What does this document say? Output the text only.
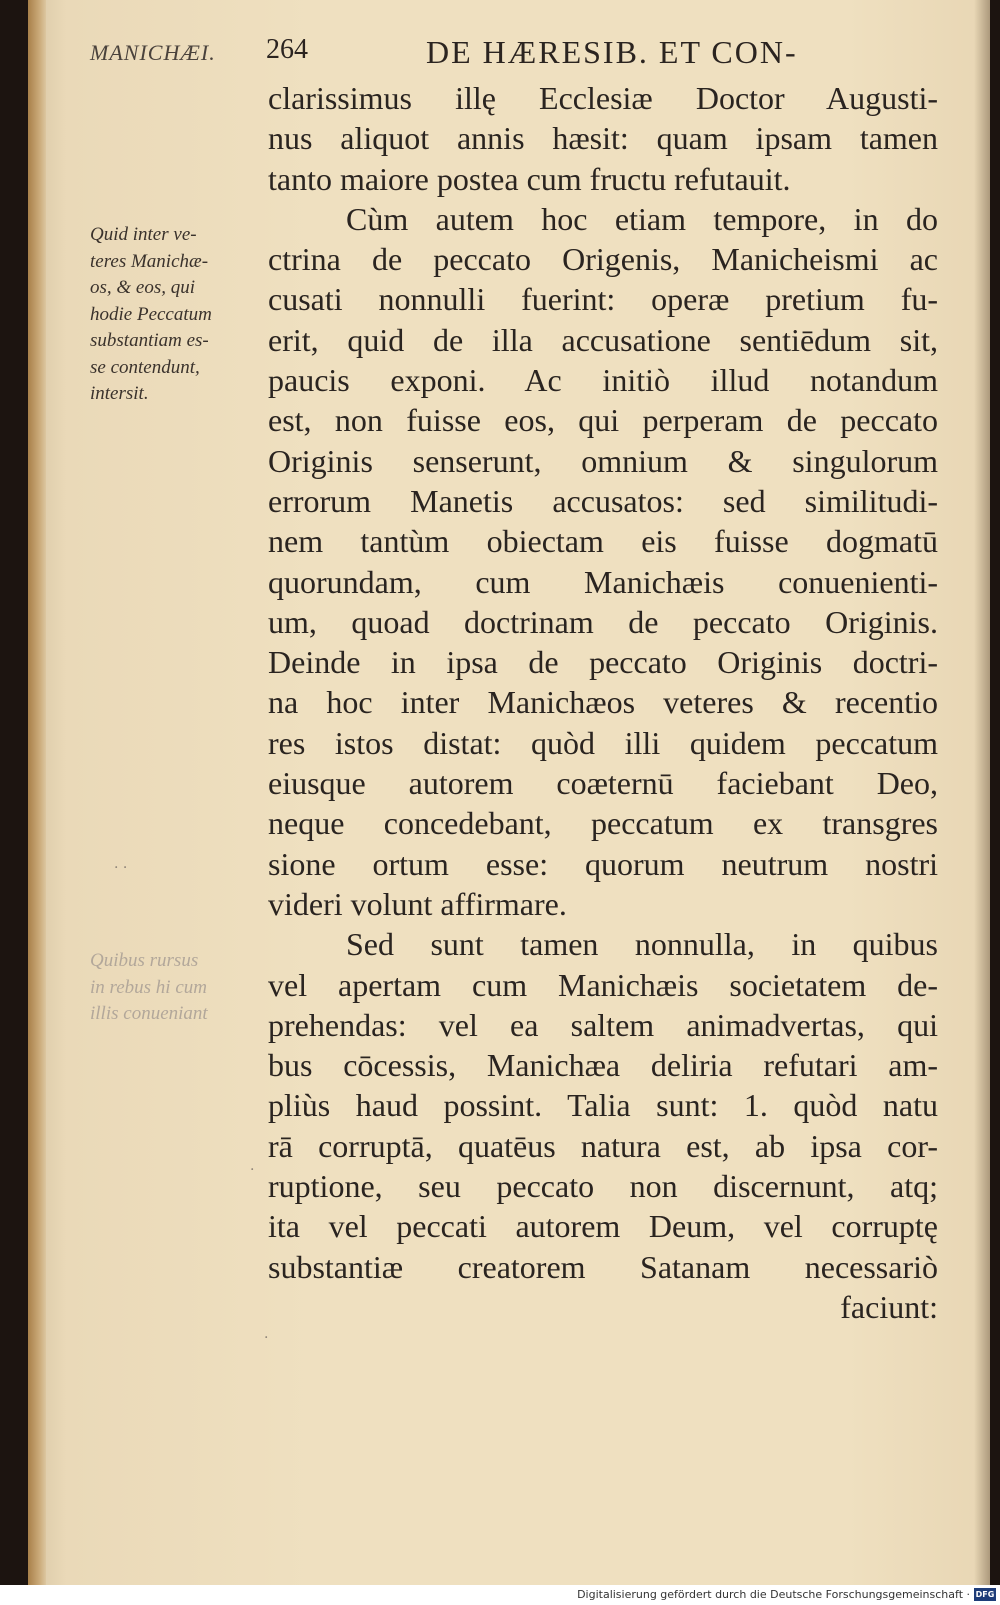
MANICHÆI. 264	DE HÆRESIB. ET CON-
Quid inter ve-
teres Manichæ-
os, & eos, qui
hodie Peccatum
substantiam es-
se contendunt,
intersit.
Quibus rursus
in rebus hi cum
illis conueniant
· ·
·
·
clarissimus illę Ecclesiæ Doctor Augusti-
nus aliquot annis hæsit: quam ipsam tamen
tanto maiore postea cum fructu refutauit.
Cùm autem hoc etiam tempore, in do
ctrina de peccato Origenis, Manicheismi ac
cusati nonnulli fuerint: operæ pretium fu-
erit, quid de illa accusatione sentiēdum sit,
paucis exponi. Ac initiò illud notandum
est, non fuisse eos, qui perperam de peccato
Originis senserunt, omnium & singulorum
errorum Manetis accusatos: sed similitudi-
nem tantùm obiectam eis fuisse dogmatū
quorundam, cum Manichæis conuenienti-
um, quoad doctrinam de peccato Originis.
Deinde in ipsa de peccato Originis doctri-
na hoc inter Manichæos veteres & recentio
res istos distat: quòd illi quidem peccatum
eiusque autorem coæternū faciebant Deo,
neque concedebant, peccatum ex transgres
sione ortum esse: quorum neutrum nostri
videri volunt affirmare.
Sed sunt tamen nonnulla, in quibus
vel apertam cum Manichæis societatem de-
prehendas: vel ea saltem animadvertas, qui
bus cōcessis, Manichæa deliria refutari am-
pliùs haud possint. Talia sunt: 1. quòd natu
rā corruptā, quatēus natura est, ab ipsa cor-
ruptione, seu peccato non discernunt, atq;
ita vel peccati autorem Deum, vel corruptę
substantiæ creatorem Satanam necessariò
faciunt:
Digitalisierung gefördert durch die Deutsche Forschungsgemeinschaft · DFG
